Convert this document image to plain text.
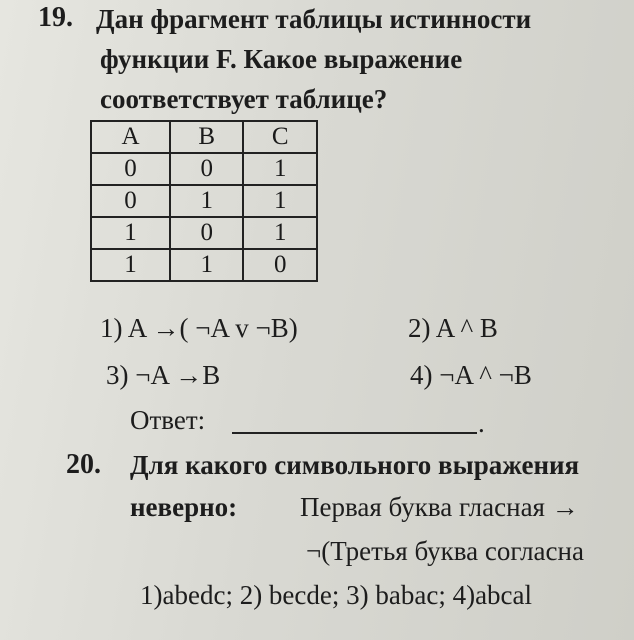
19. Дан фрагмент таблицы истинности
функции F. Какое выражение
соответствует таблице?
A	B	C
0	0	1
0	1	1
1	0	1
1	1	0
1) A →( ¬A v ¬B)	2) A ^ B
3) ¬A →B	4) ¬A ^ ¬B
Ответ:	.
20. Для какого символьного выражения
неверно: Первая буква гласная →
¬(Третья буква согласна
1)abedc; 2) becde; 3) babac; 4)abcal
